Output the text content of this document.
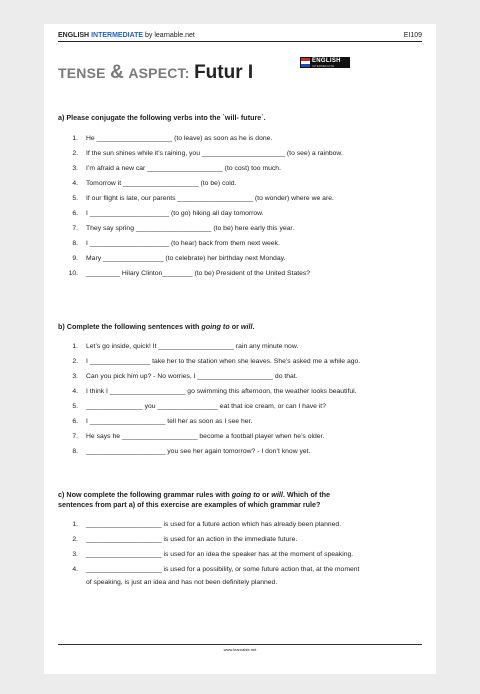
ENGLISH INTERMEDIATE by learnable.net	EI109
TENSE & ASPECT: Futur I
ENGLISH
INTERMEDIATE
a) Please conjugate the following verbs into the `will- future`.
1. He ____________________ (to leave) as soon as he is done.
2. If the sun shines while it’s raining, you ______________________ (to see) a rainbow.
3. I’m afraid a new car ____________________ (to cost) too much.
4. Tomorrow it ____________________ (to be) cold.
5. If our flight is late, our parents ____________________ (to wonder) where we are.
6. I _____________________ (to go) hiking all day tomorrow.
7. They say spring ____________________ (to be) here early this year.
8. I _____________________ (to hear) back from them next week.
9. Mary ________________ (to celebrate) her birthday next Monday.
10. _________ Hilary Clinton________ (to be) President of the United States?
b) Complete the following sentences with going to or will.
1. Let’s go inside, quick! It ____________________ rain any minute now.
2. I ________________ take her to the station when she leaves. She’s asked me a while ago.
3. Can you pick him up? - No worries, I ____________________ do that.
4. I think I ____________________ go swimming this afternoon, the weather looks beautiful.
5. _______________ you ________________ eat that ice cream, or can I have it?
6. I ____________________ tell her as soon as I see her.
7. He says he ____________________ become a football player when he’s older.
8. _____________________ you see her again tomorrow? - I don’t know yet.
c) Now complete the following grammar rules with going to or will. Which of the
sentences from part a) of this exercise are examples of which grammar rule?
1. ____________________ is used for a future action which has already been planned.
2. ____________________ is used for an action in the immediate future.
3. ____________________ is used for an idea the speaker has at the moment of speaking.
4. ____________________ is used for a possibility, or some future action that, at the moment
of speaking, is just an idea and has not been definitely planned.
www.learnable.net
